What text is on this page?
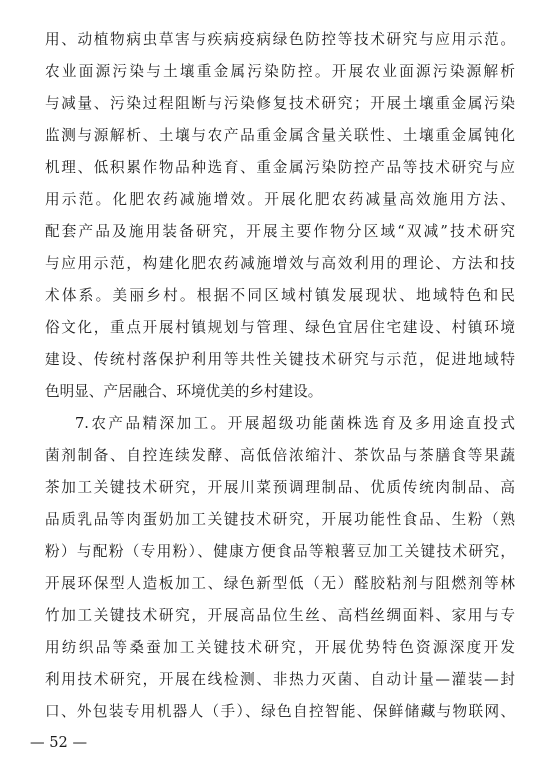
用、动植物病虫草害与疾病疫病绿色防控等技术研究与应用示范。
农业面源污染与土壤重金属污染防控。开展农业面源污染源解析
与减量、污染过程阻断与污染修复技术研究；开展土壤重金属污染
监测与源解析、土壤与农产品重金属含量关联性、土壤重金属钝化
机理、低积累作物品种选育、重金属污染防控产品等技术研究与应
用示范。化肥农药减施增效。开展化肥农药减量高效施用方法、
配套产品及施用装备研究，开展主要作物分区域“双减”技术研究
与应用示范，构建化肥农药减施增效与高效利用的理论、方法和技
术体系。美丽乡村。根据不同区域村镇发展现状、地域特色和民
俗文化，重点开展村镇规划与管理、绿色宜居住宅建设、村镇环境
建设、传统村落保护利用等共性关键技术研究与示范，促进地域特
色明显、产居融合、环境优美的乡村建设。
7.农产品精深加工。开展超级功能菌株选育及多用途直投式
菌剂制备、自控连续发酵、高低倍浓缩汁、茶饮品与茶膳食等果蔬
茶加工关键技术研究，开展川菜预调理制品、优质传统肉制品、高
品质乳品等肉蛋奶加工关键技术研究，开展功能性食品、生粉（熟
粉）与配粉（专用粉）、健康方便食品等粮薯豆加工关键技术研究，
开展环保型人造板加工、绿色新型低（无）醛胶粘剂与阻燃剂等林
竹加工关键技术研究，开展高品位生丝、高档丝绸面料、家用与专
用纺织品等桑蚕加工关键技术研究，开展优势特色资源深度开发
利用技术研究，开展在线检测、非热力灭菌、自动计量—灌装—封
口、外包装专用机器人（手）、绿色自控智能、保鲜储藏与物联网、
— 52 —
